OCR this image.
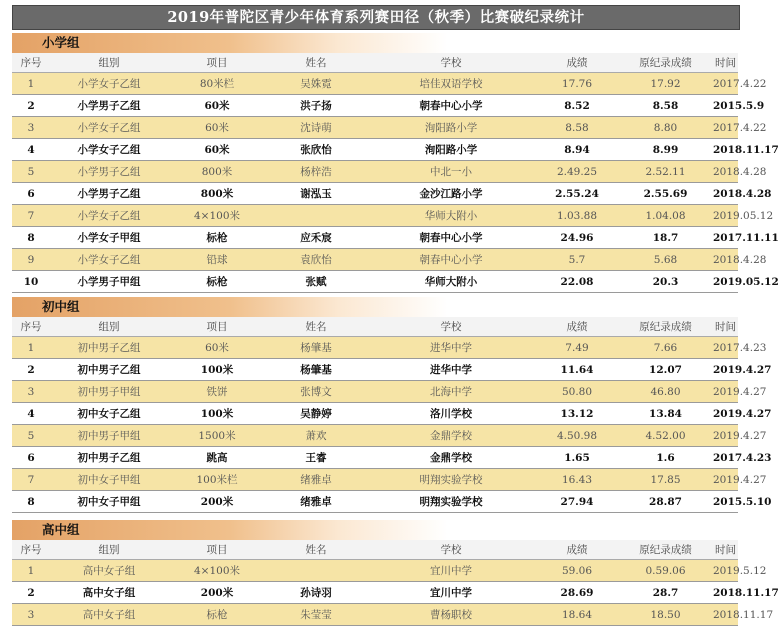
2019年普陀区青少年体育系列赛田径（秋季）比赛破纪录统计
小学组
序号	组别	项目	姓名	学校	成绩	原纪录成绩	时间
1	小学女子乙组	80米栏	吴姝霓	培佳双语学校	17.76	17.92	2017.4.22
2	小学男子乙组	60米	洪子扬	朝春中心小学	8.52	8.58	2015.5.9
3	小学女子乙组	60米	沈诗萌	洵阳路小学	8.58	8.80	2017.4.22
4	小学女子乙组	60米	张欣怡	洵阳路小学	8.94	8.99	2018.11.17
5	小学男子乙组	800米	杨梓浩	中北一小	2.49.25	2.52.11	2018.4.28
6	小学男子乙组	800米	谢泓玉	金沙江路小学	2.55.24	2.55.69	2018.4.28
7	小学女子乙组	4×100米		华师大附小	1.03.88	1.04.08	2019.05.12
8	小学女子甲组	标枪	应禾宸	朝春中心小学	24.96	18.7	2017.11.11
9	小学女子乙组	铅球	袁欣怡	朝春中心小学	5.7	5.68	2018.4.28
10	小学男子甲组	标枪	张赋	华师大附小	22.08	20.3	2019.05.12
初中组
序号	组别	项目	姓名	学校	成绩	原纪录成绩	时间
1	初中男子乙组	60米	杨肇基	进华中学	7.49	7.66	2017.4.23
2	初中男子乙组	100米	杨肇基	进华中学	11.64	12.07	2019.4.27
3	初中男子甲组	铁饼	张博文	北海中学	50.80	46.80	2019.4.27
4	初中女子乙组	100米	吴静婷	洛川学校	13.12	13.84	2019.4.27
5	初中男子甲组	1500米	萧欢	金鼎学校	4.50.98	4.52.00	2019.4.27
6	初中男子乙组	跳高	王睿	金鼎学校	1.65	1.6	2017.4.23
7	初中女子甲组	100米栏	绪雅卓	明翔实验学校	16.43	17.85	2019.4.27
8	初中女子甲组	200米	绪雅卓	明翔实验学校	27.94	28.87	2015.5.10
高中组
序号	组别	项目	姓名	学校	成绩	原纪录成绩	时间
1	高中女子组	4×100米		宜川中学	59.06	0.59.06	2019.5.12
2	高中女子组	200米	孙诗羽	宜川中学	28.69	28.7	2018.11.17
3	高中女子组	标枪	朱莹莹	曹杨职校	18.64	18.50	2018.11.17
